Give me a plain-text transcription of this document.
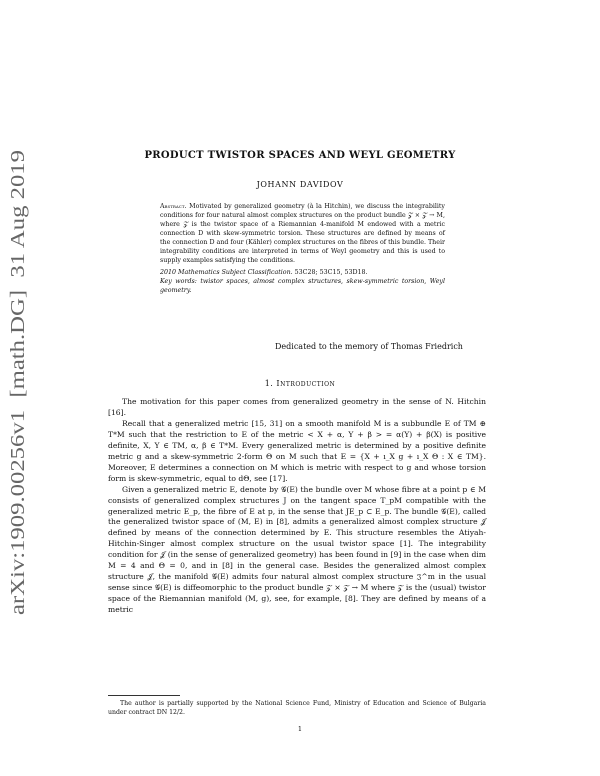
arXiv:1909.00256v1  [math.DG]  31 Aug 2019
PRODUCT TWISTOR SPACES AND WEYL GEOMETRY
JOHANN DAVIDOV
Abstract. Motivated by generalized geometry (à la Hitchin), we discuss the integrability conditions for four natural almost complex structures on the product bundle 𝒵 × 𝒵 → M, where 𝒵 is the twistor space of a Riemannian 4-manifold M endowed with a metric connection D with skew-symmetric torsion. These structures are defined by means of the connection D and four (Kähler) complex structures on the fibres of this bundle. Their integrability conditions are interpreted in terms of Weyl geometry and this is used to supply examples satisfying the conditions.
2010 Mathematics Subject Classification. 53C28; 53C15, 53D18.
Key words: twistor spaces, almost complex structures, skew-symmetric torsion, Weyl geometry.
Dedicated to the memory of Thomas Friedrich
1. Introduction

The motivation for this paper comes from generalized geometry in the sense of N. Hitchin [16].

Recall that a generalized metric [15, 31] on a smooth manifold M is a subbundle E of TM ⊕ T*M such that the restriction to E of the metric < X + α, Y + β > = α(Y) + β(X) is positive definite, X, Y ∈ TM, α, β ∈ T*M. Every generalized metric is determined by a positive definite metric g and a skew-symmetric 2-form Θ on M such that E = {X + ı_X g + ı_X Θ : X ∈ TM}. Moreover, E determines a connection on M which is metric with respect to g and whose torsion form is skew-symmetric, equal to dΘ, see [17].

Given a generalized metric E, denote by 𝒢(E) the bundle over M whose fibre at a point p ∈ M consists of generalized complex structures J on the tangent space T_pM compatible with the generalized metric E_p, the fibre of E at p, in the sense that JE_p ⊂ E_p. The bundle 𝒢(E), called the generalized twistor space of (M, E) in [8], admits a generalized almost complex structure 𝒥 defined by means of the connection determined by E. This structure resembles the Atiyah-Hitchin-Singer almost complex structure on the usual twistor space [1]. The integrability condition for 𝒥 (in the sense of generalized geometry) has been found in [9] in the case when dim M = 4 and Θ = 0, and in [8] in the general case. Besides the generalized almost complex structure 𝒥, the manifold 𝒢(E) admits four natural almost complex structure 𝔍^m in the usual sense since 𝒢(E) is diffeomorphic to the product bundle 𝒵 × 𝒵 → M where 𝒵 is the (usual) twistor space of the Riemannian manifold (M, g), see, for example, [8]. They are defined by means of a metric

The author is partially supported by the National Science Fund, Ministry of Education and Science of Bulgaria under contract DN 12/2.
1
